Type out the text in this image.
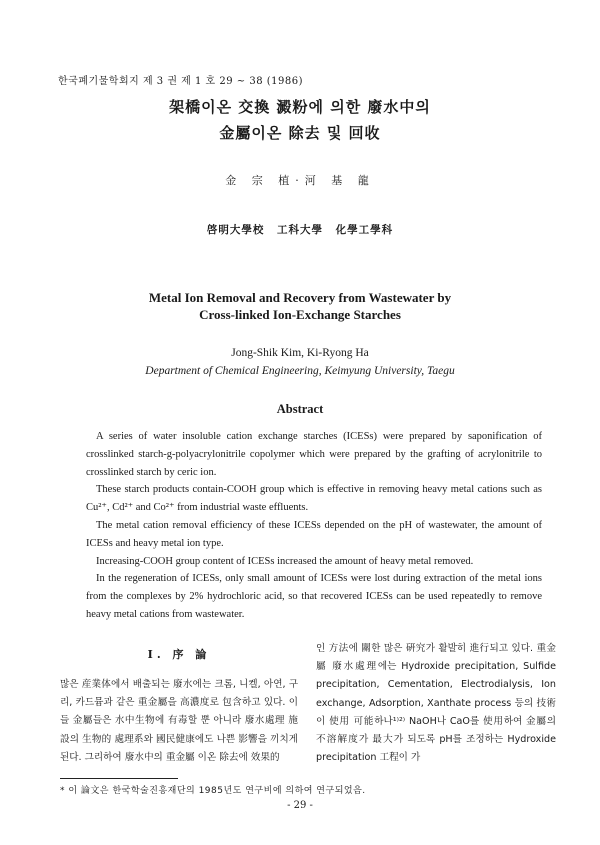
한국폐기물학회지 제 3 권 제 1 호 29 ~ 38 (1986)
架橋이온 交換 澱粉에 의한 廢水中의
金屬이온 除去 및 回收
金 宗 植·河 基 龍
啓明大學校 工科大學 化學工學科
Metal Ion Removal and Recovery from Wastewater by
Cross-linked Ion-Exchange Starches
Jong-Shik Kim, Ki-Ryong Ha
Department of Chemical Engineering, Keimyung University, Taegu
Abstract

A series of water insoluble cation exchange starches (ICESs) were prepared by saponification of crosslinked starch-g-polyacrylonitrile copolymer which were prepared by the grafting of acrylonitrile to crosslinked starch by ceric ion.

These starch products contain-COOH group which is effective in removing heavy metal cations such as Cu²⁺, Cd²⁺ and Co²⁺ from industrial waste effluents.

The metal cation removal efficiency of these ICESs depended on the pH of wastewater, the amount of ICESs and heavy metal ion type.

Increasing-COOH group content of ICESs increased the amount of heavy metal removed.

In the regeneration of ICESs, only small amount of ICESs were lost during extraction of the metal ions from the complexes by 2% hydrochloric acid, so that recovered ICESs can be used repeatedly to remove heavy metal cations from wastewater.

I. 序 論

많은 産業体에서 배출되는 廢水에는 크롬, 니켈, 아연, 구리, 카드뮴과 같은 重金屬을 高濃度로 包含하고 있다. 이들 金屬들은 水中生物에 有毒할 뿐 아니라 廢水處理 施設의 生物的 處理系와 國民健康에도 나쁜 影響을 끼치게 된다. 그리하여 廢水中의 重金屬 이온 除去에 效果的

인 方法에 關한 많은 硏究가 활발히 進行되고 있다. 重金屬 廢水處理에는 Hydroxide precipitation, Sulfide precipitation, Cementation, Electrodialysis, Ion exchange, Adsorption, Xanthate process 등의 技術이 使用 可能하나¹⁾²⁾ NaOH나 CaO를 使用하여 金屬의 不溶解度가 最大가 되도록 pH를 조정하는 Hydroxide precipitation 工程이 가

* 이 論文은 한국학술진흥재단의 1985년도 연구비에 의하여 연구되었음.
- 29 -
